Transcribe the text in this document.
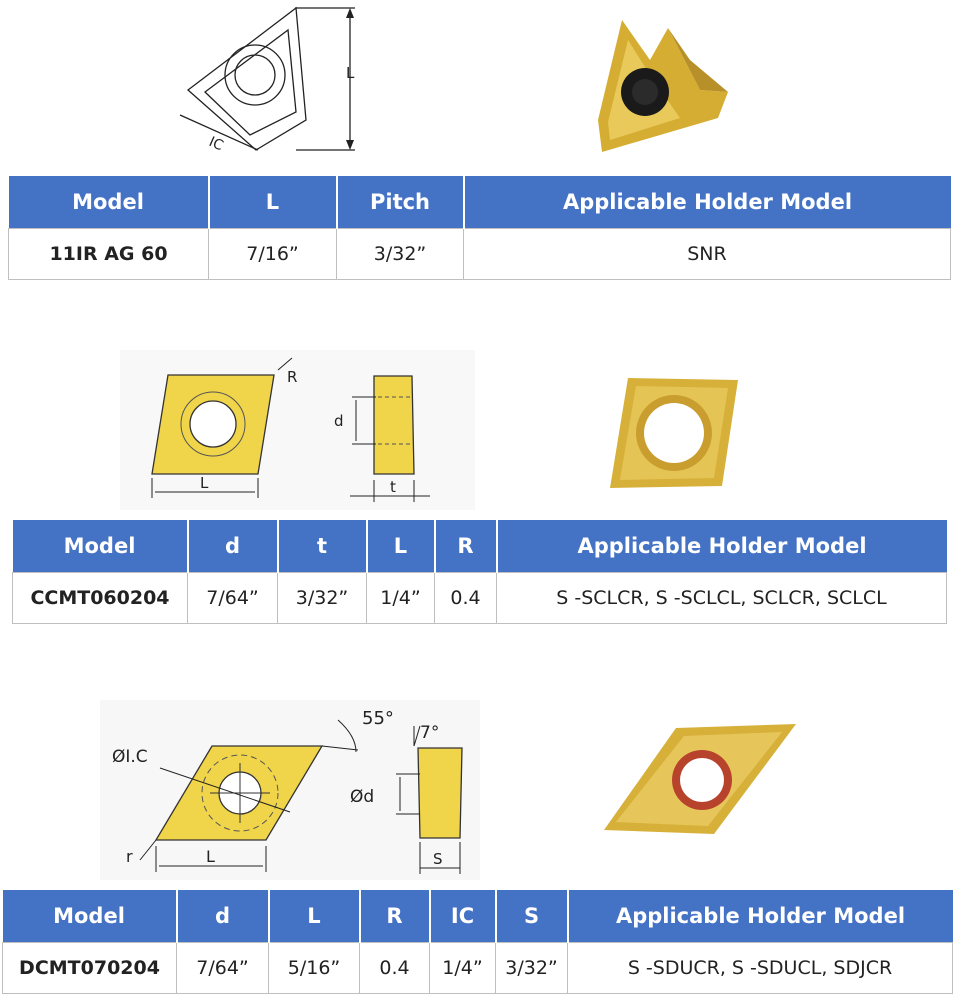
L
IC
Model	L	Pitch	Applicable Holder Model
11IR AG 60	7/16”	3/32”	SNR
R
L
d
t
Model	d	t	L	R	Applicable Holder Model
CCMT060204	7/64”	3/32”	1/4”	0.4	S -SCLCR, S -SCLCL, SCLCR, SCLCL
ØI.C
55°
r	L
7°
Ød
S
Model	d	L	R	IC	S	Applicable Holder Model
DCMT070204	7/64”	5/16”	0.4	1/4”	3/32”	S -SDUCR, S -SDUCL, SDJCR
